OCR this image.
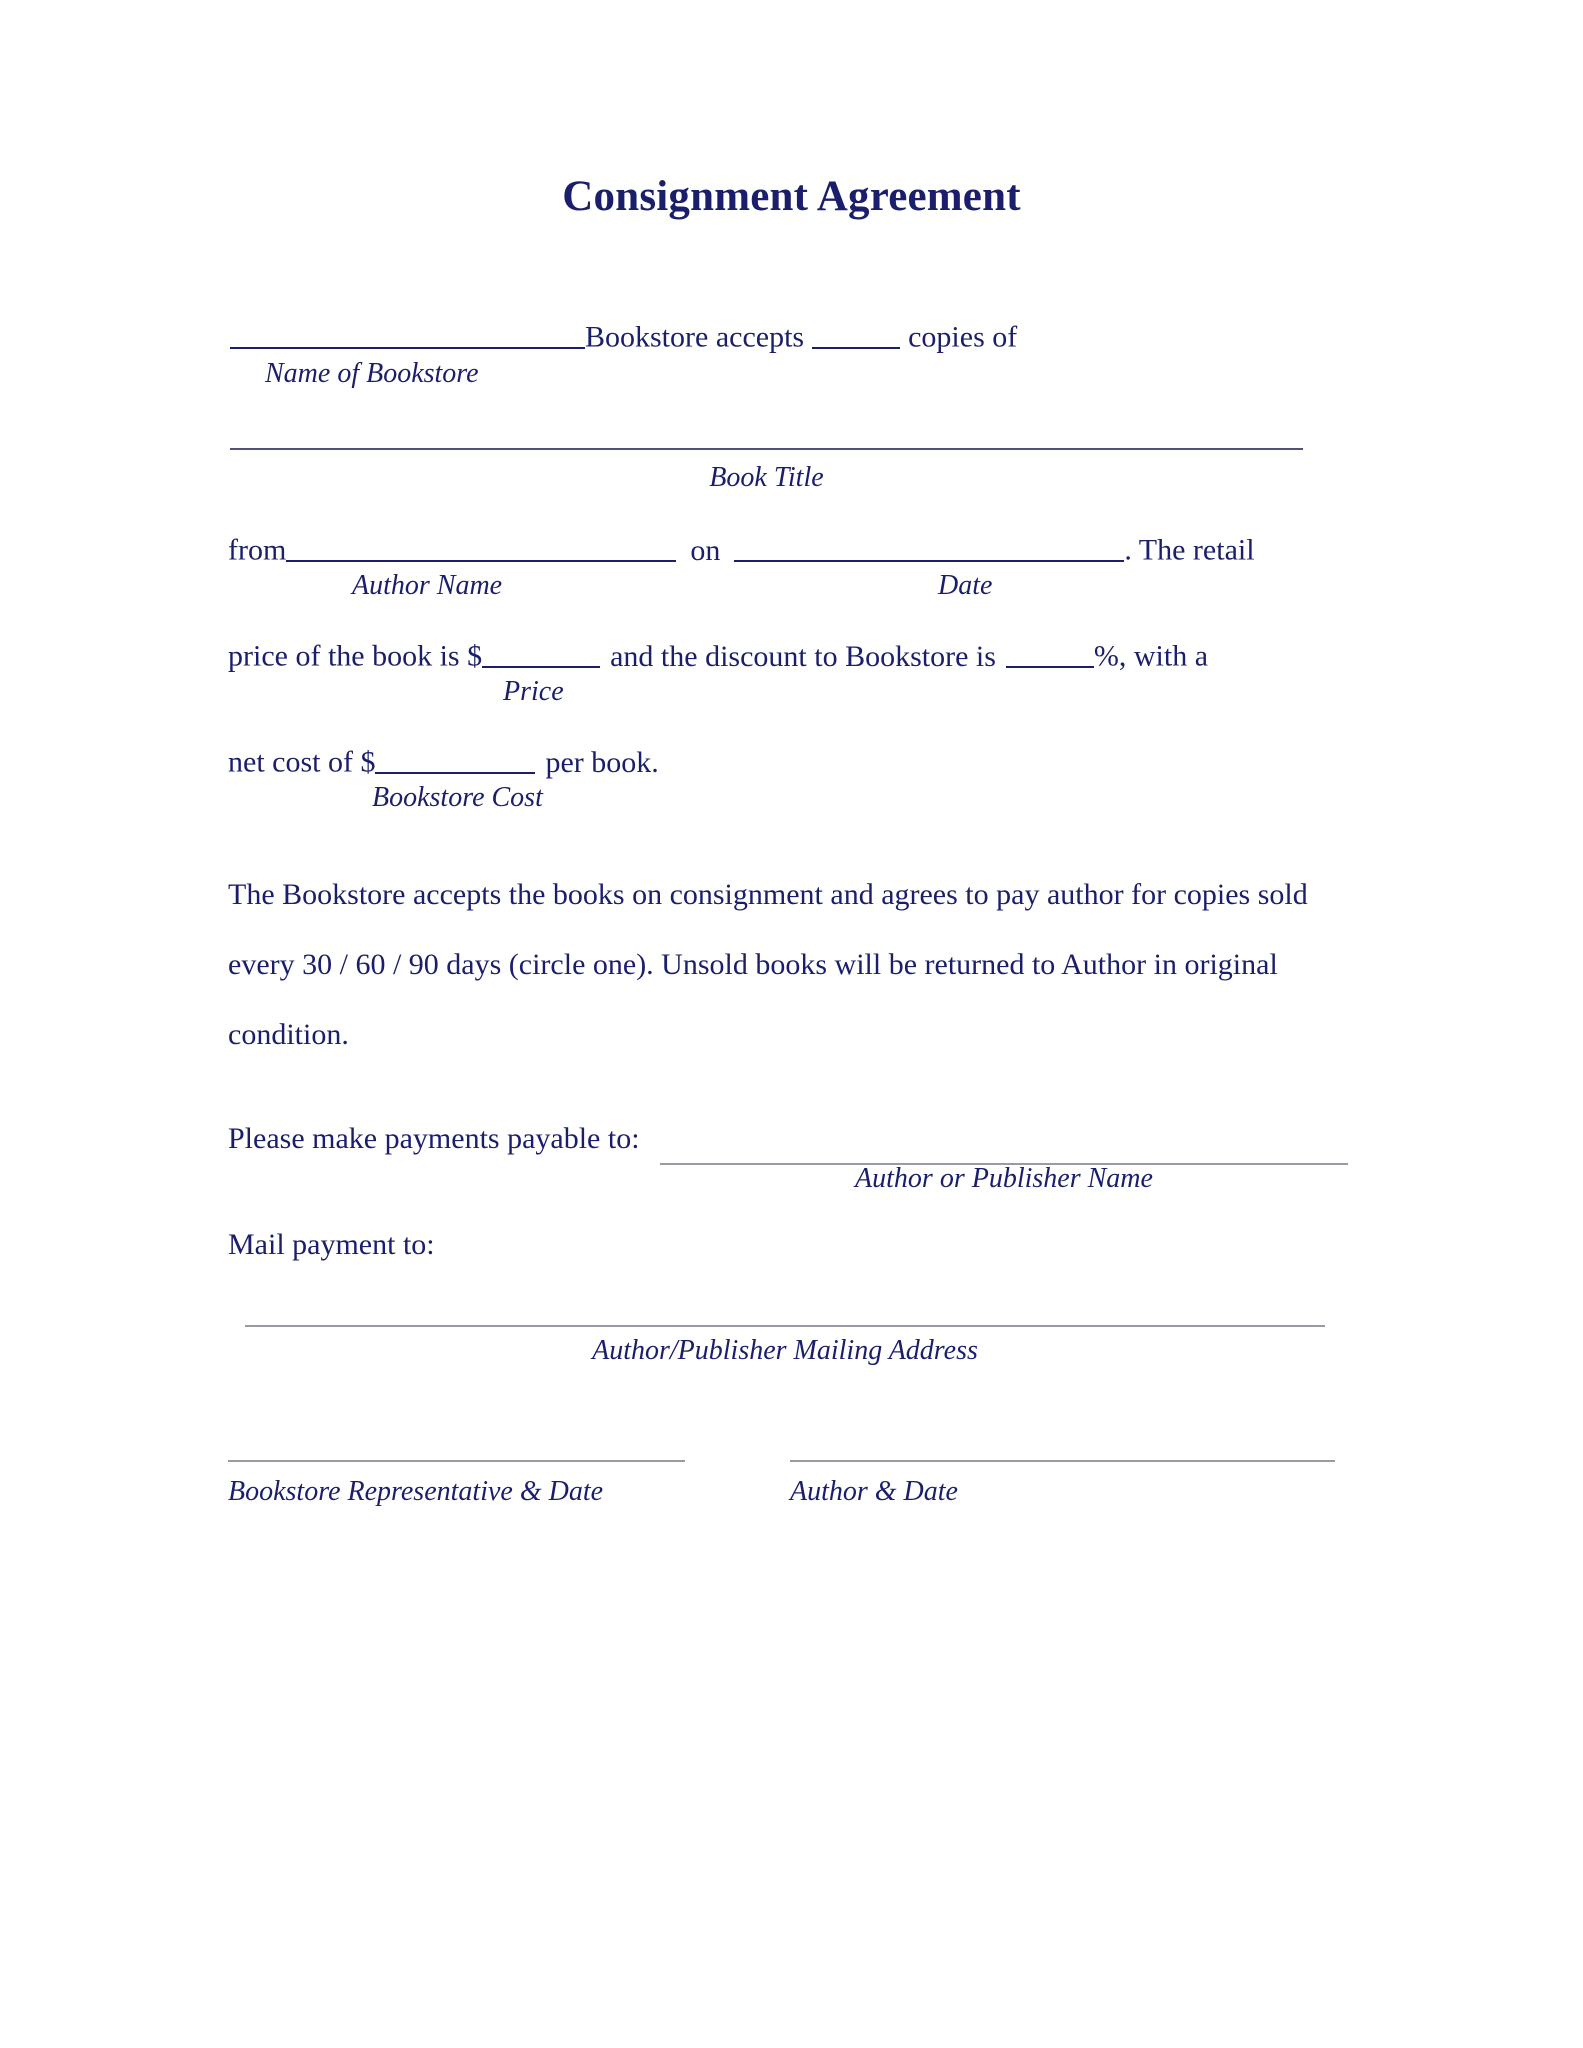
Consignment Agreement
Bookstore accepts	copies of
Name of Bookstore
Book Title
from	on	. The retail
Author Name	Date
price of the book is $	and the discount to Bookstore is	%, with a
Price
net cost of $	per book.
Bookstore Cost
The Bookstore accepts the books on consignment and agrees to pay author for copies sold
every 30 / 60 / 90 days (circle one). Unsold books will be returned to Author in original
condition.
Please make payments payable to:
Author or Publisher Name
Mail payment to:
Author/Publisher Mailing Address
Bookstore Representative & Date	Author & Date
